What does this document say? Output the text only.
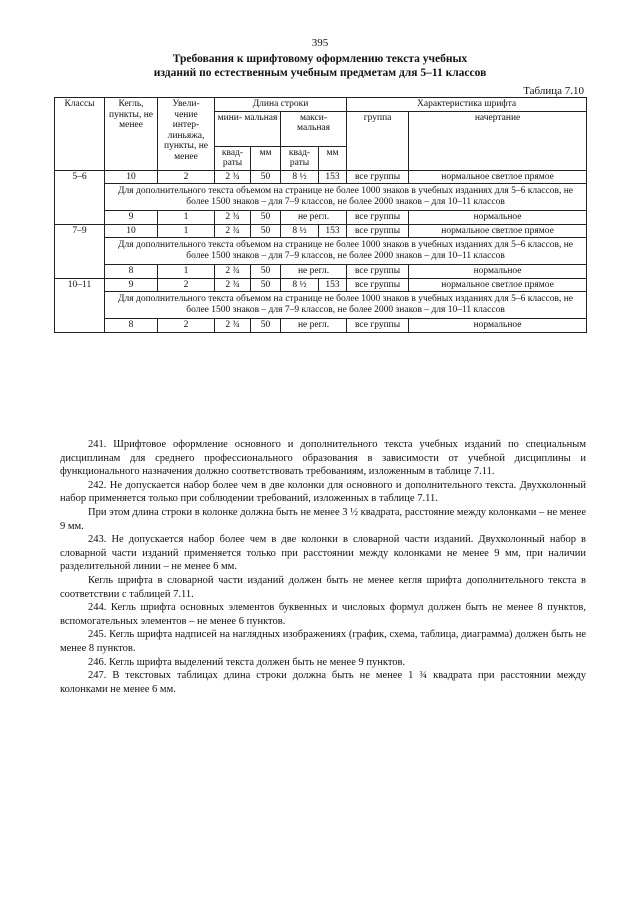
395
Требования к шрифтовому оформлению текста учебных
изданий по естественным учебным предметам для 5–11 классов
Таблица 7.10
Классы	Кегль, пункты, не менее	Увели- чение интер- линьяжа, пункты, не менее	Длина строки				Характеристика шрифта	
			мини- мальная		макси- мальная		группа	начертание
			квад- раты	мм	квад- раты	мм		
5–6	10	2	2 ¾	50	8 ½	153	все группы	нормальное светлое прямое
	Для дополнительного текста объемом на странице не более 1000 знаков в учебных изданиях для 5–6 классов, не более 1500 знаков – для 7–9 классов, не более 2000 знаков – для 10–11 классов							
	9	1	2 ¾	50	не регл.		все группы	нормальное
7–9	10	1	2 ¾	50	8 ½	153	все группы	нормальное светлое прямое
	Для дополнительного текста объемом на странице не более 1000 знаков в учебных изданиях для 5–6 классов, не более 1500 знаков – для 7–9 классов, не более 2000 знаков – для 10–11 классов							
	8	1	2 ¾	50	не регл.		все группы	нормальное
10–11	9	2	2 ¾	50	8 ½	153	все группы	нормальное светлое прямое
	Для дополнительного текста объемом на странице не более 1000 знаков в учебных изданиях для 5–6 классов, не более 1500 знаков – для 7–9 классов, не более 2000 знаков – для 10–11 классов							
	8	2	2 ¾	50	не регл.		все группы	нормальное

241. Шрифтовое оформление основного и дополнительного текста учебных изданий по специальным дисциплинам для среднего профессионального образования в зависимости от учебной дисциплины и функционального назначения должно соответствовать требованиям, изложенным в таблице 7.11.

242. Не допускается набор более чем в две колонки для основного и дополнительного текста. Двухколонный набор применяется только при соблюдении требований, изложенных в таблице 7.11.

При этом длина строки в колонке должна быть не менее 3 ½ квадрата, расстояние между колонками – не менее 9 мм.

243. Не допускается набор более чем в две колонки в словарной части изданий. Двухколонный набор в словарной части изданий применяется только при расстоянии между колонками не менее 9 мм, при наличии разделительной линии – не менее 6 мм.

Кегль шрифта в словарной части изданий должен быть не менее кегля шрифта дополнительного текста в соответствии с таблицей 7.11.

244. Кегль шрифта основных элементов буквенных и числовых формул должен быть не менее 8 пунктов, вспомогательных элементов – не менее 6 пунктов.

245. Кегль шрифта надписей на наглядных изображениях (график, схема, таблица, диаграмма) должен быть не менее 8 пунктов.

246. Кегль шрифта выделений текста должен быть не менее 9 пунктов.

247. В текстовых таблицах длина строки должна быть не менее 1 ¾ квадрата при расстоянии между колонками не менее 6 мм.
